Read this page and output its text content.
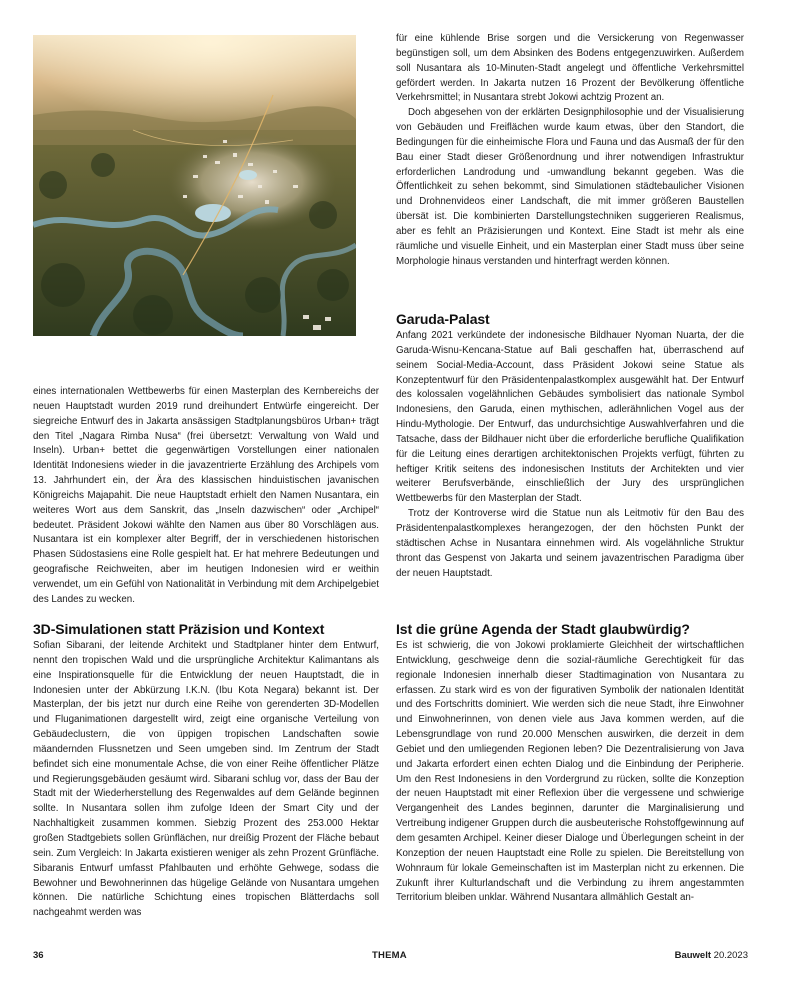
eines internationalen Wettbewerbs für einen Masterplan des Kernbereichs der neuen Hauptstadt wurden 2019 rund dreihundert Entwürfe eingereicht. Der siegreiche Entwurf des in Jakarta ansässigen Stadtplanungsbüros Urban+ trägt den Titel „Nagara Rimba Nusa“ (frei übersetzt: Verwaltung von Wald und Inseln). Urban+ bettet die gegenwärtigen Vorstellungen einer nationalen Identität Indonesiens wieder in die javazentrierte Erzählung des Archipels vom 13. Jahrhundert ein, der Ära des klassischen hinduistischen javanischen Königreichs Majapahit. Die neue Hauptstadt erhielt den Namen Nusantara, ein weiteres Wort aus dem Sanskrit, das „Inseln dazwischen“ oder „Archipel“ bedeutet. Präsident Jokowi wählte den Namen aus über 80 Vorschlägen aus. Nusantara ist ein komplexer alter Begriff, der in verschiedenen historischen Phasen Südostasiens eine Rolle gespielt hat. Er hat mehrere Bedeutungen und geografische Reichweiten, aber im heutigen Indonesien wird er weithin verwendet, um ein Gefühl von Nationalität in Verbindung mit dem Archipelgebiet des Landes zu wecken.

3D-Simulationen statt Präzision und Kontext

Sofian Sibarani, der leitende Architekt und Stadtplaner hinter dem Entwurf, nennt den tropischen Wald und die ursprüngliche Architektur Kalimantans als eine Inspirationsquelle für die Entwicklung der neuen Hauptstadt, die in Indonesien unter der Abkürzung I.K.N. (Ibu Kota Negara) bekannt ist. Der Masterplan, der bis jetzt nur durch eine Reihe von gerenderten 3D-Modellen und Fluganimationen dargestellt wird, zeigt eine organische Verteilung von Gebäudeclustern, die von üppigen tropischen Landschaften sowie mäandernden Flussnetzen und Seen umgeben sind. Im Zentrum der Stadt befindet sich eine monumentale Achse, die von einer Reihe öffentlicher Plätze und Regierungsgebäuden gesäumt wird. Sibarani schlug vor, dass der Bau der Stadt mit der Wiederherstellung des Regenwaldes auf dem Gelände beginnen sollte. In Nusantara sollen ihm zufolge Ideen der Smart City und der Nachhaltigkeit zusammen kommen. Siebzig Prozent des 253.000 Hektar großen Stadtgebiets sollen Grünflächen, nur dreißig Prozent der Fläche bebaut sein. Zum Vergleich: In Jakarta existieren weniger als zehn Prozent Grünfläche. Sibaranis Entwurf umfasst Pfahlbauten und erhöhte Gehwege, sodass die Bewohner und Bewohnerinnen das hügelige Gelände von Nusantara umgehen können. Die natürliche Schichtung eines tropischen Blätterdachs soll nachgeahmt werden was

für eine kühlende Brise sorgen und die Versickerung von Regenwasser begünstigen soll, um dem Absinken des Bodens entgegenzuwirken. Außerdem soll Nusantara als 10-Minuten-Stadt angelegt und öffentliche Verkehrsmittel gefördert werden. In Jakarta nutzen 16 Prozent der Bevölkerung öffentliche Verkehrsmittel; in Nusantara strebt Jokowi achtzig Prozent an.

Doch abgesehen von der erklärten Designphilosophie und der Visualisierung von Gebäuden und Freiflächen wurde kaum etwas, über den Standort, die Bedingungen für die einheimische Flora und Fauna und das Ausmaß der für den Bau einer Stadt dieser Größenordnung und ihrer notwendigen Infrastruktur erforderlichen Landrodung und -umwandlung bekannt gegeben. Was die Öffentlichkeit zu sehen bekommt, sind Simulationen städtebaulicher Visionen und Drohnenvideos einer Landschaft, die mit immer größeren Baustellen übersät ist. Die kombinierten Darstellungstechniken suggerieren Realismus, aber es fehlt an Präzisierungen und Kontext. Eine Stadt ist mehr als eine räumliche und visuelle Einheit, und ein Masterplan einer Stadt muss über seine Morphologie hinaus verstanden und hinterfragt werden können.

Garuda-Palast

Anfang 2021 verkündete der indonesische Bildhauer Nyoman Nuarta, der die Garuda-Wisnu-Kencana-Statue auf Bali geschaffen hat, überraschend auf seinem Social-Media-Account, dass Präsident Jokowi seine Statue als Konzeptentwurf für den Präsidentenpalastkomplex ausgewählt hat. Der Entwurf des kolossalen vogelähnlichen Gebäudes symbolisiert das nationale Symbol Indonesiens, den Garuda, einen mythischen, adlerähnlichen Vogel aus der Hindu-Mythologie. Der Entwurf, das undurchsichtige Auswahlverfahren und die Tatsache, dass der Bildhauer nicht über die erforderliche berufliche Qualifikation für die Leitung eines derartigen architektonischen Projekts verfügt, führten zu heftiger Kritik seitens des indonesischen Instituts der Architekten und vier weiterer Berufsverbände, einschließlich der Jury des ursprünglichen Wettbewerbs für den Masterplan der Stadt.

Trotz der Kontroverse wird die Statue nun als Leitmotiv für den Bau des Präsidentenpalastkomplexes herangezogen, der den höchsten Punkt der städtischen Achse in Nusantara einnehmen wird. Als vogelähnliche Struktur thront das Gespenst von Jakarta und seinem javazentrischen Paradigma über der neuen Hauptstadt.

Ist die grüne Agenda der Stadt glaubwürdig?

Es ist schwierig, die von Jokowi proklamierte Gleichheit der wirtschaftlichen Entwicklung, geschweige denn die sozial-räumliche Gerechtigkeit für das regionale Indonesien innerhalb dieser Stadtimagination von Nusantara zu erfassen. Zu stark wird es von der figurativen Symbolik der nationalen Identität und des Fortschritts dominiert. Wie werden sich die neue Stadt, ihre Einwohner und Einwohnerinnen, von denen viele aus Java kommen werden, auf die Lebensgrundlage von rund 20.000 Menschen auswirken, die derzeit in dem Gebiet und den umliegenden Regionen leben? Die Dezentralisierung von Java und Jakarta erfordert einen echten Dialog und die Einbindung der Peripherie. Um den Rest Indonesiens in den Vordergrund zu rücken, sollte die Konzeption der neuen Hauptstadt mit einer Reflexion über die vergessene und schwierige Vergangenheit des Landes beginnen, darunter die Marginalisierung und Vertreibung indigener Gruppen durch die ausbeuterische Rohstoffgewinnung auf dem gesamten Archipel. Keiner dieser Dialoge und Überlegungen scheint in der Konzeption der neuen Hauptstadt eine Rolle zu spielen. Die Bereitstellung von Wohnraum für lokale Gemeinschaften ist im Masterplan nicht zu erkennen. Die Zukunft ihrer Kulturlandschaft und die Verbindung zu ihrem angestammten Territorium bleiben unklar. Während Nusantara allmählich Gestalt an-

36	THEMA	Bauwelt 20.2023
